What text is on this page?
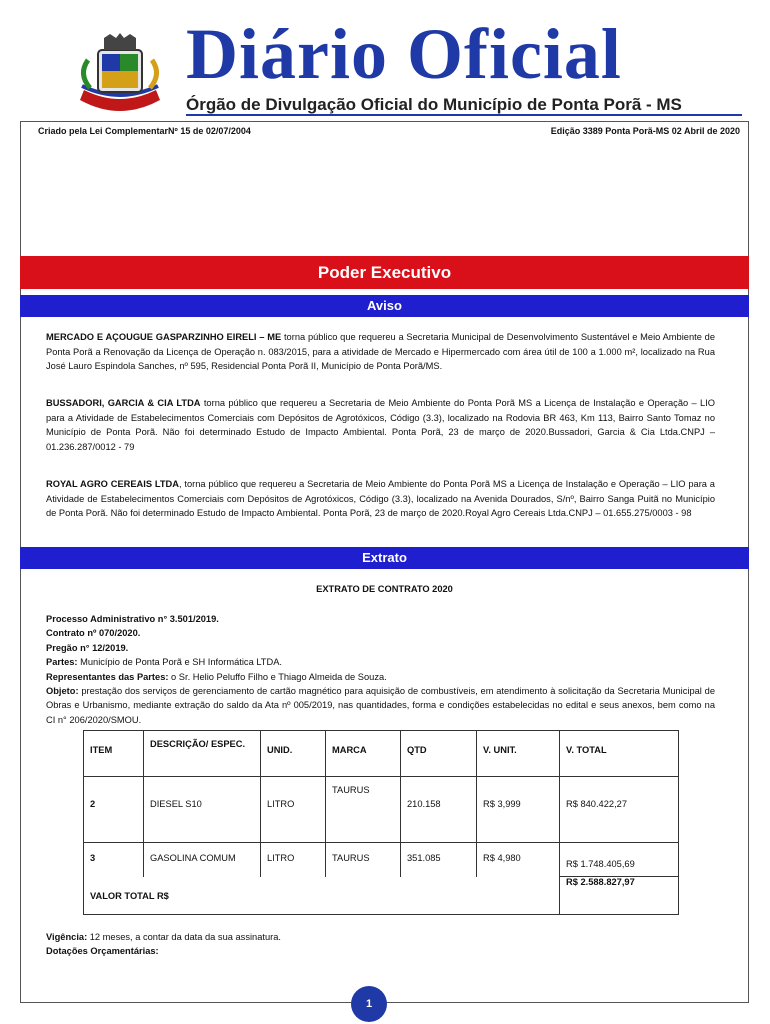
Diário Oficial
Órgão de Divulgação Oficial do Município de Ponta Porã - MS
Criado pela Lei ComplementarNº 15 de 02/07/2004	Edição 3389 Ponta Porã-MS 02 Abril de 2020
Poder Executivo
Aviso
MERCADO E AÇOUGUE GASPARZINHO EIRELI – ME torna público que requereu a Secretaria Municipal de Desenvolvimento Sustentável e Meio Ambiente de Ponta Porã a Renovação da Licença de Operação n. 083/2015, para a atividade de Mercado e Hipermercado com área útil de 100 a 1.000 m², localizado na Rua José Lauro Espindola Sanches, nº 595, Residencial Ponta Porã II, Município de Ponta Porã/MS.
BUSSADORI, GARCIA & CIA LTDA torna público que requereu a Secretaria de Meio Ambiente do Ponta Porã MS a Licença de Instalação e Operação – LIO para a Atividade de Estabelecimentos Comerciais com Depósitos de Agrotóxicos, Código (3.3), localizado na Rodovia BR 463, Km 113, Bairro Santo Tomaz no Município de Ponta Porã. Não foi determinado Estudo de Impacto Ambiental. Ponta Porã, 23 de março de 2020.Bussadori, Garcia & Cia Ltda.CNPJ – 01.236.287/0012 - 79
ROYAL AGRO CEREAIS LTDA, torna público que requereu a Secretaria de Meio Ambiente do Ponta Porã MS a Licença de Instalação e Operação – LIO para a Atividade de Estabelecimentos Comerciais com Depósitos de Agrotóxicos, Código (3.3), localizado na Avenida Dourados, S/nº, Bairro Sanga Puitã no Município de Ponta Porã. Não foi determinado Estudo de Impacto Ambiental. Ponta Porã, 23 de março de 2020.Royal Agro Cereais Ltda.CNPJ – 01.655.275/0003 - 98
Extrato
EXTRATO DE CONTRATO 2020
Processo Administrativo n° 3.501/2019.
Contrato nº 070/2020.
Pregão n° 12/2019.
Partes: Município de Ponta Porã e SH Informática LTDA.
Representantes das Partes: o Sr. Helio Peluffo Filho e Thiago Almeida de Souza.
Objeto: prestação dos serviços de gerenciamento de cartão magnético para aquisição de combustíveis, em atendimento à solicitação da Secretaria Municipal de Obras e Urbanismo, mediante extração do saldo da Ata nº 005/2019, nas quantidades, forma e condições estabelecidas no edital e seus anexos, bem como na CI n° 206/2020/SMOU.
ITEM	DESCRIÇÃO/ ESPEC.	UNID.	MARCA	QTD	V. UNIT.	V. TOTAL
2	DIESEL S10	LITRO	TAURUS	210.158	R$ 3,999	R$ 840.422,27
3	GASOLINA COMUM	LITRO	TAURUS	351.085	R$ 4,980	R$ 1.748.405,69
VALOR TOTAL R$						R$ 2.588.827,97
Vigência: 12 meses, a contar da data da sua assinatura.
Dotações Orçamentárias:
1
